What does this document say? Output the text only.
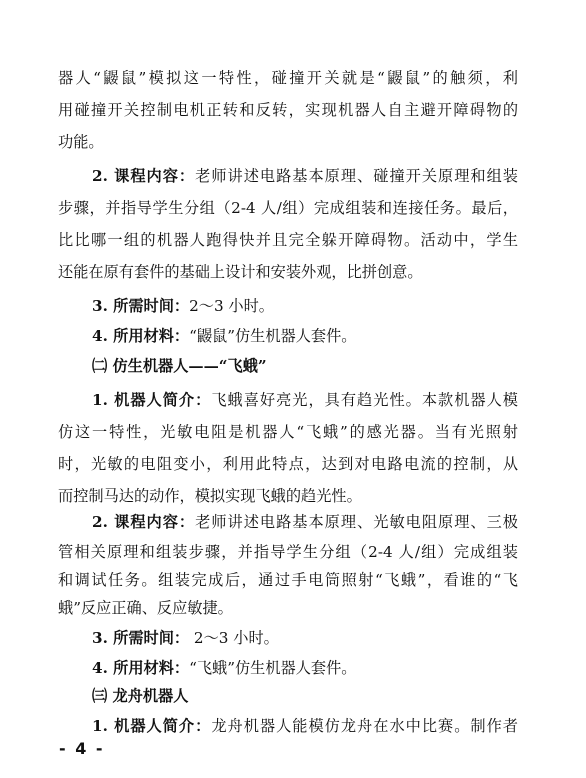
器人“鼹鼠”模拟这一特性，碰撞开关就是“鼹鼠”的触须，利
用碰撞开关控制电机正转和反转，实现机器人自主避开障碍物的
功能。
2. 课程内容：老师讲述电路基本原理、碰撞开关原理和组装
步骤，并指导学生分组（2-4 人/组）完成组装和连接任务。最后，
比比哪一组的机器人跑得快并且完全躲开障碍物。活动中，学生
还能在原有套件的基础上设计和安装外观，比拼创意。
3. 所需时间：2～3 小时。
4. 所用材料：“鼹鼠”仿生机器人套件。
㈡ 仿生机器人——“飞蛾”
1. 机器人简介：飞蛾喜好亮光，具有趋光性。本款机器人模
仿这一特性，光敏电阻是机器人“飞蛾”的感光器。当有光照射
时，光敏的电阻变小，利用此特点，达到对电路电流的控制，从
而控制马达的动作，模拟实现飞蛾的趋光性。
2. 课程内容：老师讲述电路基本原理、光敏电阻原理、三极
管相关原理和组装步骤，并指导学生分组（2-4 人/组）完成组装
和调试任务。组装完成后，通过手电筒照射“飞蛾”，看谁的“飞
蛾”反应正确、反应敏捷。
3. 所需时间： 2～3 小时。
4. 所用材料：“飞蛾”仿生机器人套件。
- 4 -
㈢ 龙舟机器人
1. 机器人简介：龙舟机器人能模仿龙舟在水中比赛。制作者
